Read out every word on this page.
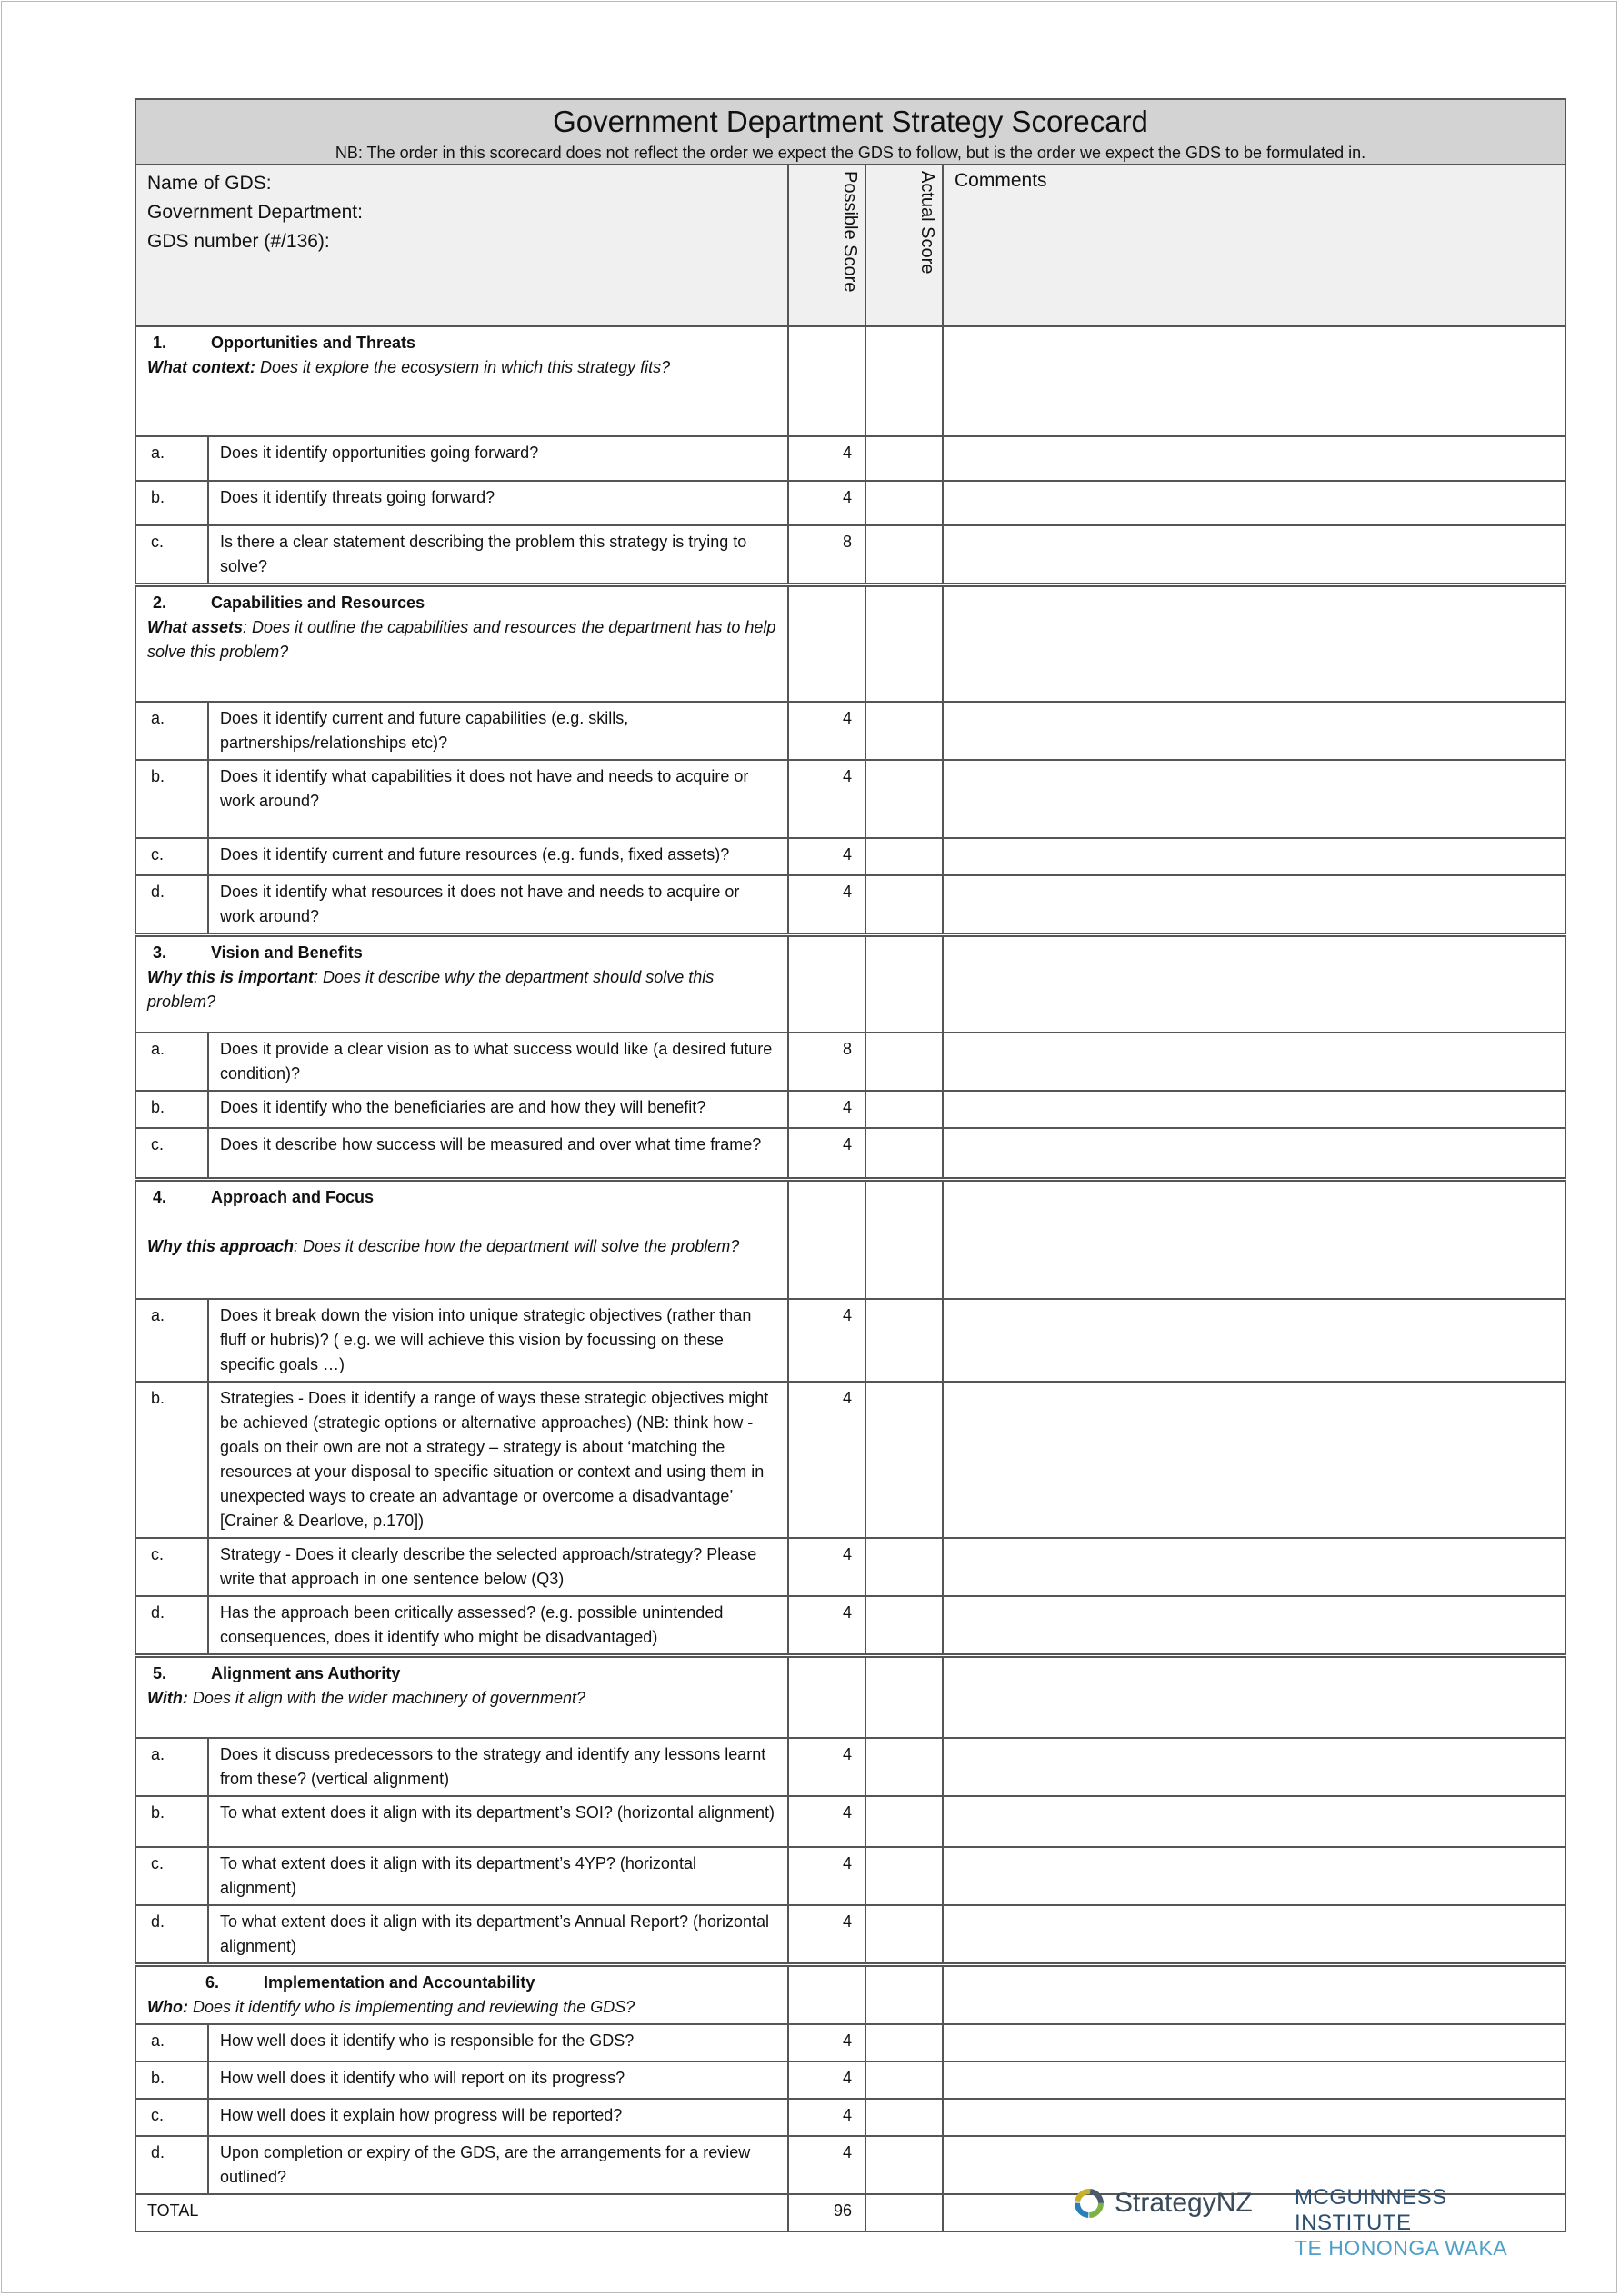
Government Department Strategy Scorecard
NB: The order in this scorecard does not reflect the order we expect the GDS to follow, but is the order we expect the GDS to be formulated in.				

Name of GDS:
Government Department:
GDS number (#/136):		Possible Score	Actual Score	Comments

1. Opportunities and Threats
What context: Does it explore the ecosystem in which this strategy fits?				

a.	Does it identify opportunities going forward?	4		
b.	Does it identify threats going forward?	4		
c.	Is there a clear statement describing the problem this strategy is trying to solve?	8		

2. Capabilities and Resources
What assets: Does it outline the capabilities and resources the department has to help solve this problem?				

a.	Does it identify current and future capabilities (e.g. skills, partnerships/relationships etc)?	4		
b.	Does it identify what capabilities it does not have and needs to acquire or work around?	4		
c.	Does it identify current and future resources (e.g. funds, fixed assets)?	4		
d.	Does it identify what resources it does not have and needs to acquire or work around?	4		

3. Vision and Benefits
Why this is important: Does it describe why the department should solve this problem?				

a.	Does it provide a clear vision as to what success would like (a desired future condition)?	8		
b.	Does it identify who the beneficiaries are and how they will benefit?	4		
c.	Does it describe how success will be measured and over what time frame?	4		

4. Approach and Focus
Why this approach: Does it describe how the department will solve the problem?				

a.	Does it break down the vision into unique strategic objectives (rather than fluff or hubris)? ( e.g. we will achieve this vision by focussing on these specific goals …)	4		
b.	Strategies - Does it identify a range of ways these strategic objectives might be achieved (strategic options or alternative approaches) (NB: think how - goals on their own are not a strategy – strategy is about ‘matching the resources at your disposal to specific situation or context and using them in unexpected ways to create an advantage or overcome a disadvantage’ [Crainer & Dearlove, p.170])	4		
c.	Strategy - Does it clearly describe the selected approach/strategy? Please write that approach in one sentence below (Q3)	4		
d.	Has the approach been critically assessed? (e.g. possible unintended consequences, does it identify who might be disadvantaged)	4		

5. Alignment ans Authority
With: Does it align with the wider machinery of government?				

a.	Does it discuss predecessors to the strategy and identify any lessons learnt from these? (vertical alignment)	4		
b.	To what extent does it align with its department’s SOI? (horizontal alignment)	4		
c.	To what extent does it align with its department’s 4YP? (horizontal alignment)	4		
d.	To what extent does it align with its department’s Annual Report? (horizontal alignment)	4		

6. Implementation and Accountability
Who: Does it identify who is implementing and reviewing the GDS?				

a.	How well does it identify who is responsible for the GDS?	4		
b.	How well does it identify who will report on its progress?	4		
c.	How well does it explain how progress will be reported?	4		
d.	Upon completion or expiry of the GDS, are the arrangements for a review outlined?	4		
TOTAL		96			StrategyNZ MCGUINNESS INSTITUTE
TE HONONGA WAKA
